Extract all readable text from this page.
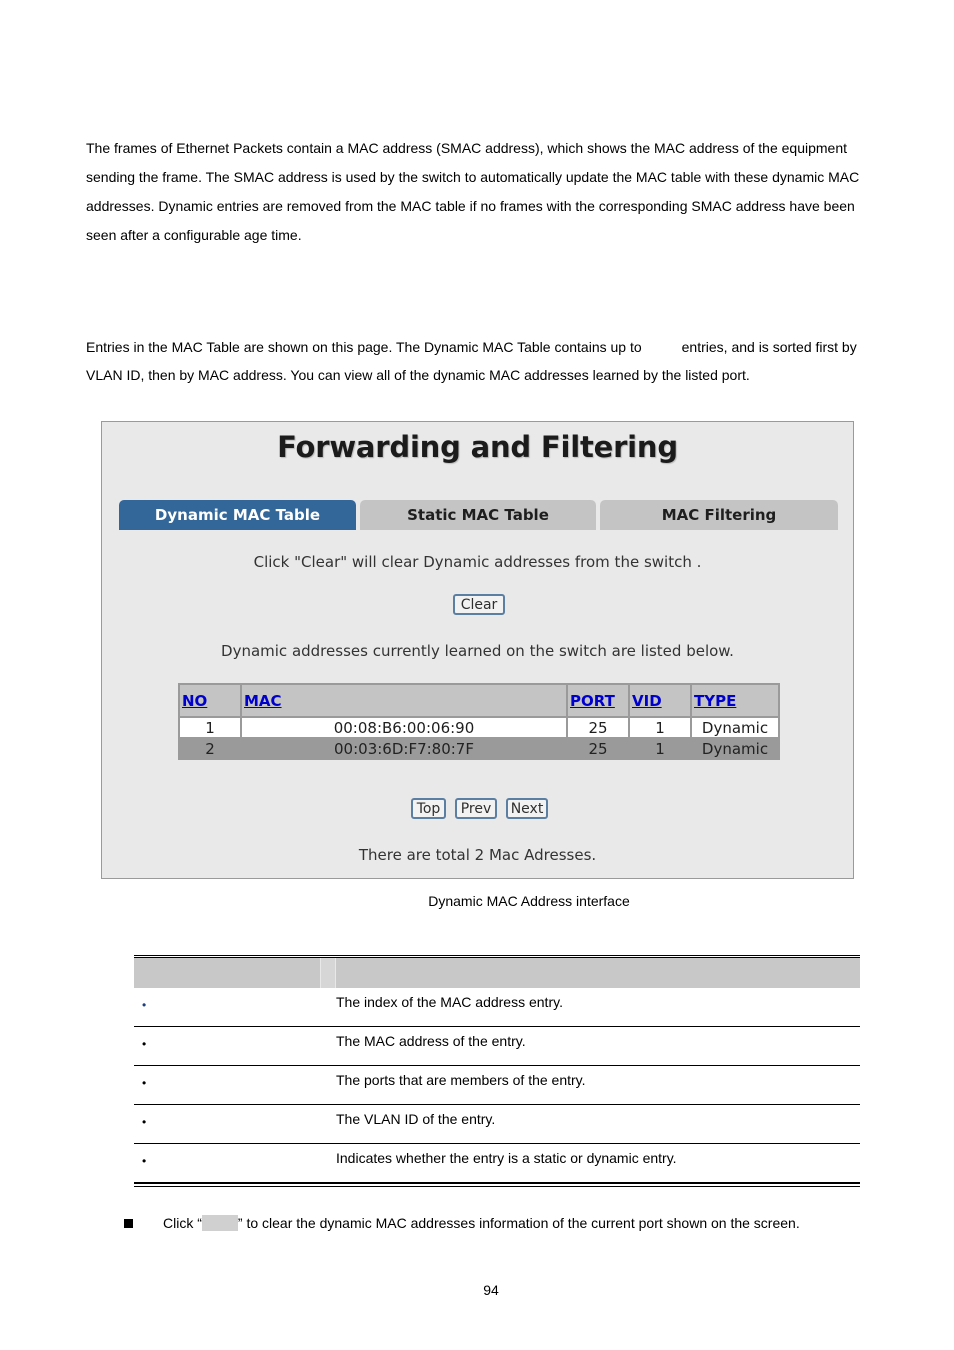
The frames of Ethernet Packets contain a MAC address (SMAC address), which shows the MAC address of the equipment sending the frame. The SMAC address is used by the switch to automatically update the MAC table with these dynamic MAC addresses. Dynamic entries are removed from the MAC table if no frames with the corresponding SMAC address have been seen after a configurable age time.

Entries in the MAC Table are shown on this page. The Dynamic MAC Table contains up to	entries, and is sorted first by VLAN ID, then by MAC address. You can view all of the dynamic MAC addresses learned by the listed port.

Forwarding and Filtering
Dynamic MAC Table	Static MAC Table	MAC Filtering
Click "Clear" will clear Dynamic addresses from the switch .
Clear
Dynamic addresses currently learned on the switch are listed below.
NO	MAC	PORT	VID	TYPE
1	00:08:B6:00:06:90	25	1	Dynamic
2	00:03:6D:F7:80:7F	25	1	Dynamic
Top	Prev	Next
There are total 2 Mac Adresses.
Dynamic MAC Address interface
•	The index of the MAC address entry.
•	The MAC address of the entry.
•	The ports that are members of the entry.
•	The VLAN ID of the entry.
•	Indicates whether the entry is a static or dynamic entry.
Click “	” to clear the dynamic MAC addresses information of the current port shown on the screen.
94
